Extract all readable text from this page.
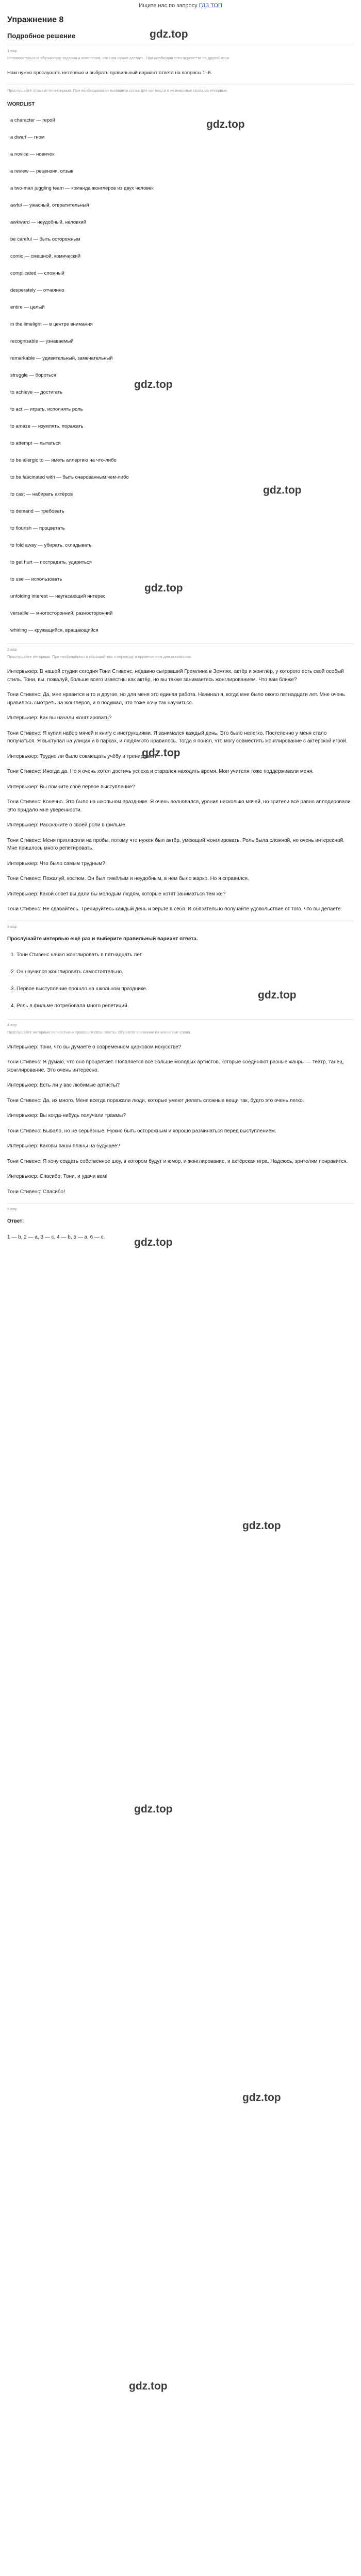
Ищите нас по запросу ГДЗ ТОП
Упражнение 8
Подробное решение
1 вар
Вспомогательные обучающие задания и пояснения, что нам нужно сделать. При необходимости перевести на другой язык.
Нам нужно прослушать интервью и выбрать правильный вариант ответа на вопросы 1–6.
Прослушайте отрывки из интервью. При необходимости выпишите слова для контекста и незнакомые слова из интервью.
WORDLIST
a character — герой
a dwarf — гном
a novice — новичок
a review — рецензия, отзыв
a two-man juggling team — команда жонглёров из двух человек
awful — ужасный, отвратительный
awkward — неудобный, неловкий
be careful — быть осторожным
comic — смешной, комический
complicated — сложный
desperately — отчаянно
entire — целый
in the limelight — в центре внимания
recognisable — узнаваемый
remarkable — удивительный, замечательный
struggle — бороться
to achieve — достигать
to act — играть, исполнять роль
to amaze — изумлять, поражать
to attempt — пытаться
to be allergic to — иметь аллергию на что-либо
to be fascinated with — быть очарованным чем-либо
to cast — набирать актёров
to demand — требовать
to flourish — процветать
to fold away — убирать, складывать
to get hurt — пострадать, удариться
to use — использовать
unfolding interest — неугасающий интерес
versatile — многосторонний, разносторонний
whirling — кружащийся, вращающийся
2 вар
Прослушайте интервью. При необходимости обращайтесь к переводу и примечаниям для понимания.
Интервьюер: В нашей студии сегодня Тони Стивенс, недавно сыгравший Гремлина в Землях, актёр и жонглёр, у которого есть свой особый стиль. Тони, вы, пожалуй, больше всего известны как актёр, но вы также занимаетесь жонглированием. Что вам ближе?
Тони Стивенс: Да, мне нравится и то и другое, но для меня это единая работа. Начинал я, когда мне было около пятнадцати лет. Мне очень нравилось смотреть на жонглёров, и я подумал, что тоже хочу так научиться.
Интервьюер: Как вы начали жонглировать?
Тони Стивенс: Я купил набор мячей и книгу с инструкциями. Я занимался каждый день. Это было нелегко. Постепенно у меня стало получаться. Я выступал на улицах и в парках, и людям это нравилось. Тогда я понял, что могу совместить жонглирование с актёрской игрой.
Интервьюер: Трудно ли было совмещать учёбу и тренировки?
Тони Стивенс: Иногда да. Но я очень хотел достичь успеха и старался находить время. Мои учителя тоже поддерживали меня.
Интервьюер: Вы помните своё первое выступление?
Тони Стивенс: Конечно. Это было на школьном празднике. Я очень волновался, уронил несколько мячей, но зрители всё равно аплодировали. Это придало мне уверенности.
Интервьюер: Расскажите о своей роли в фильме.
Тони Стивенс: Меня пригласили на пробы, потому что нужен был актёр, умеющий жонглировать. Роль была сложной, но очень интересной. Мне пришлось много репетировать.
Интервьюер: Что было самым трудным?
Тони Стивенс: Пожалуй, костюм. Он был тяжёлым и неудобным, в нём было жарко. Но я справился.
Интервьюер: Какой совет вы дали бы молодым людям, которые хотят заниматься тем же?
Тони Стивенс: Не сдавайтесь. Тренируйтесь каждый день и верьте в себя. И обязательно получайте удовольствие от того, что вы делаете.
3 вар
Прослушайте интервью ещё раз и выберите правильный вариант ответа.
1. Тони Стивенс начал жонглировать в пятнадцать лет.
2. Он научился жонглировать самостоятельно.
3. Первое выступление прошло на школьном празднике.
4. Роль в фильме потребовала много репетиций.
4 вар
Прослушайте интервью полностью и проверьте свои ответы. Обратите внимание на ключевые слова.
Интервьюер: Тони, что вы думаете о современном цирковом искусстве?
Тони Стивенс: Я думаю, что оно процветает. Появляется всё больше молодых артистов, которые соединяют разные жанры — театр, танец, жонглирование. Это очень интересно.
Интервьюер: Есть ли у вас любимые артисты?
Тони Стивенс: Да, их много. Меня всегда поражали люди, которые умеют делать сложные вещи так, будто это очень легко.
Интервьюер: Вы когда-нибудь получали травмы?
Тони Стивенс: Бывало, но не серьёзные. Нужно быть осторожным и хорошо разминаться перед выступлением.
Интервьюер: Каковы ваши планы на будущее?
Тони Стивенс: Я хочу создать собственное шоу, в котором будут и юмор, и жонглирование, и актёрская игра. Надеюсь, зрителям понравится.
Интервьюер: Спасибо, Тони, и удачи вам!
Тони Стивенс: Спасибо!
5 вар
Ответ:
1 — b, 2 — a, 3 — c, 4 — b, 5 — a, 6 — c.
gdz.top
gdz.top
gdz.top
gdz.top
gdz.top
gdz.top
gdz.top
gdz.top
gdz.top
gdz.top
gdz.top
gdz.top
